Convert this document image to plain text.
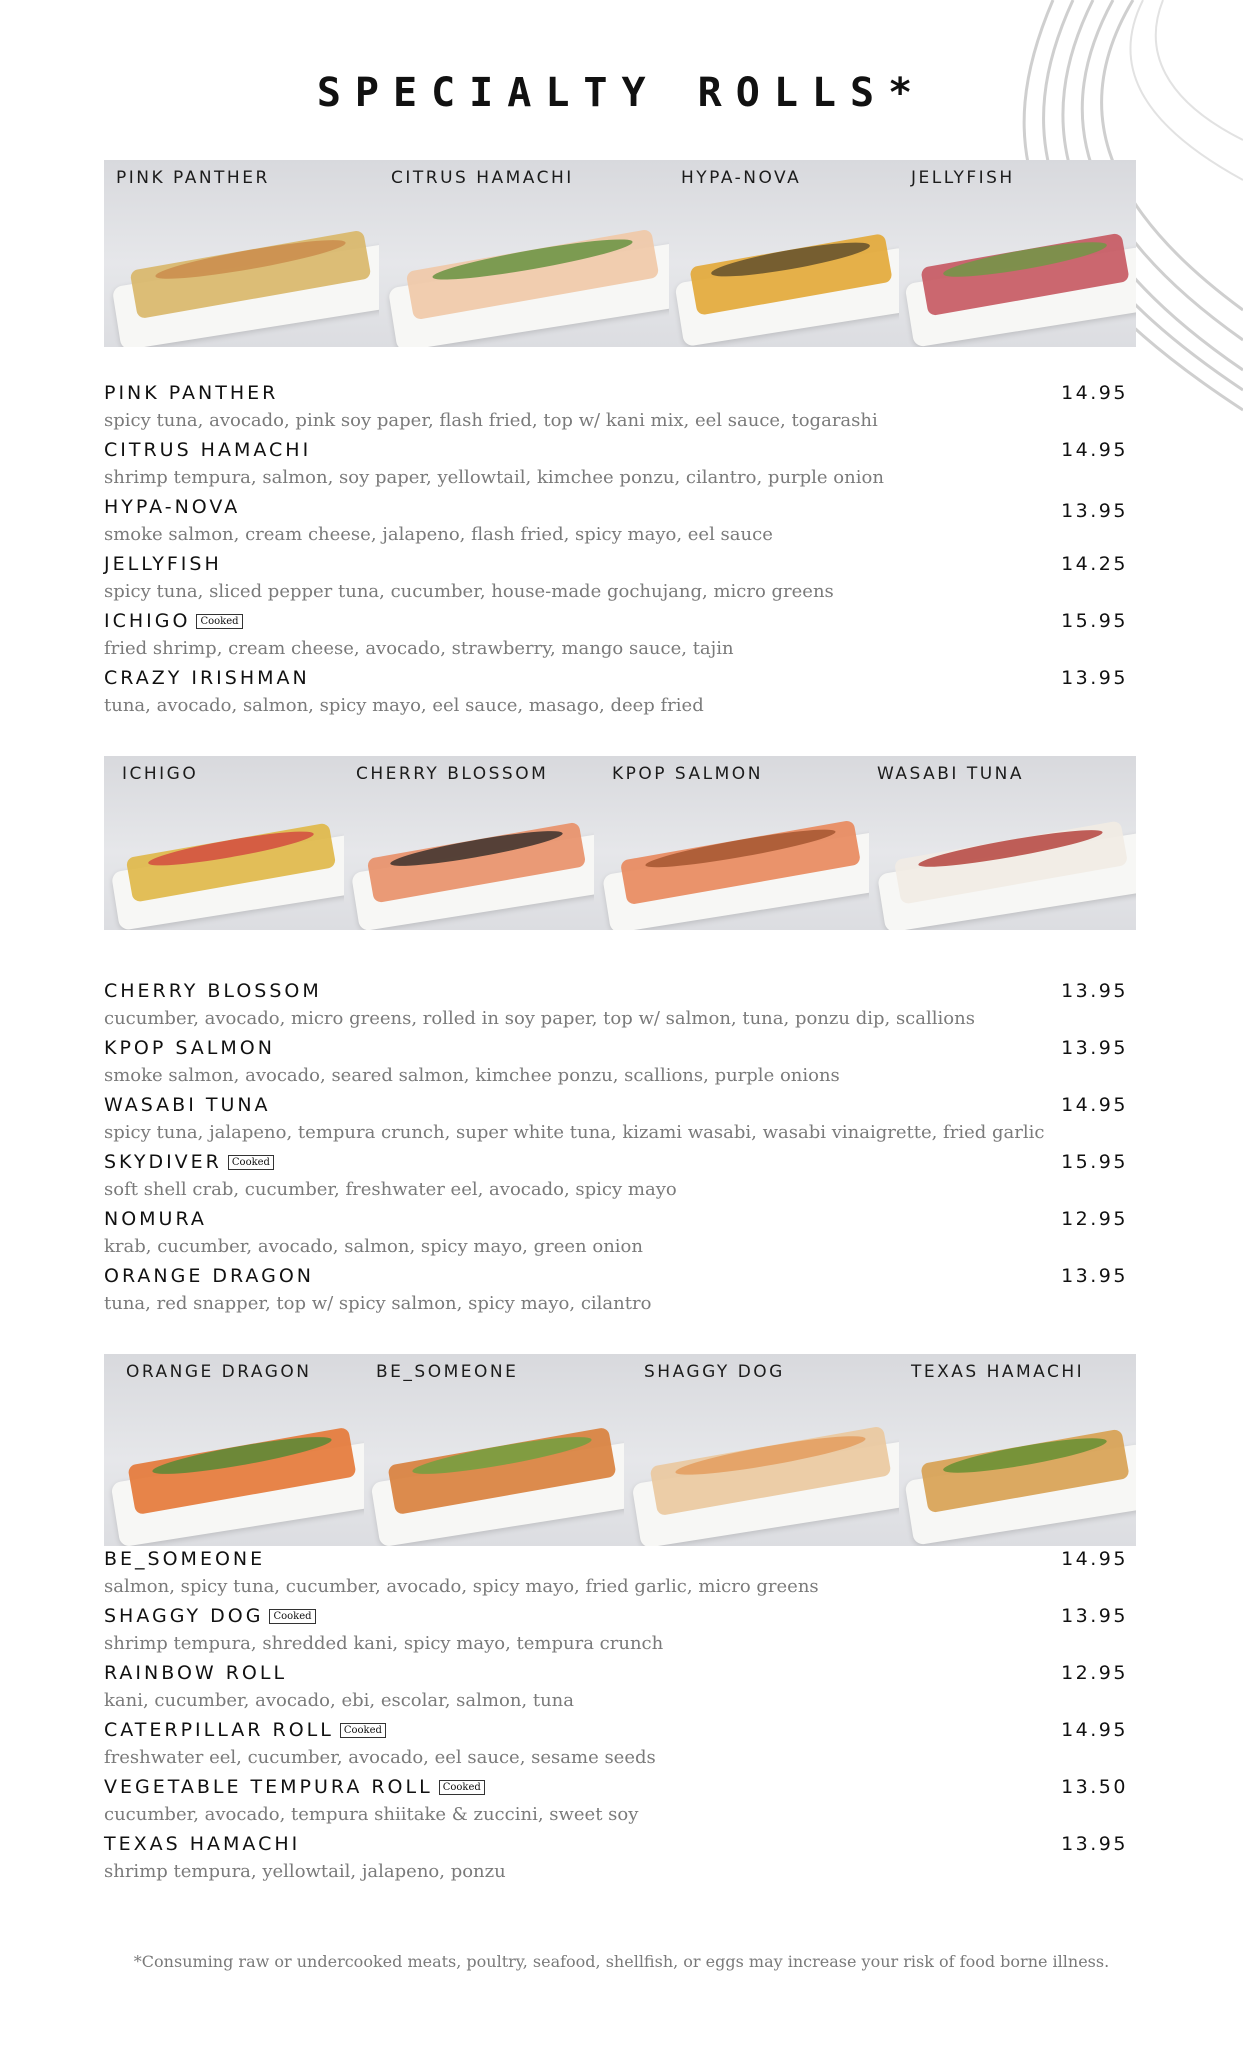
SPECIALTY ROLLS*
PINK PANTHER	CITRUS HAMACHI	HYPA-NOVA	JELLYFISH
PINK PANTHER	14.95
spicy tuna, avocado, pink soy paper, flash fried, top w/ kani mix, eel sauce, togarashi
CITRUS HAMACHI	14.95
shrimp tempura, salmon, soy paper, yellowtail, kimchee ponzu, cilantro, purple onion
HYPA-NOVA	13.95
smoke salmon, cream cheese, jalapeno, flash fried, spicy mayo, eel sauce
JELLYFISH	14.25
spicy tuna, sliced pepper tuna, cucumber, house-made gochujang, micro greens
ICHIGO Cooked	15.95
fried shrimp, cream cheese, avocado, strawberry, mango sauce, tajin
CRAZY IRISHMAN	13.95
tuna, avocado, salmon, spicy mayo, eel sauce, masago, deep fried
ICHIGO	CHERRY BLOSSOM	KPOP SALMON	WASABI TUNA
CHERRY BLOSSOM	13.95
cucumber, avocado, micro greens, rolled in soy paper, top w/ salmon, tuna, ponzu dip, scallions
KPOP SALMON	13.95
smoke salmon, avocado, seared salmon, kimchee ponzu, scallions, purple onions
WASABI TUNA	14.95
spicy tuna, jalapeno, tempura crunch, super white tuna, kizami wasabi, wasabi vinaigrette, fried garlic
SKYDIVER Cooked	15.95
soft shell crab, cucumber, freshwater eel, avocado, spicy mayo
NOMURA	12.95
krab, cucumber, avocado, salmon, spicy mayo, green onion
ORANGE DRAGON	13.95
tuna, red snapper, top w/ spicy salmon, spicy mayo, cilantro
ORANGE DRAGON	BE_SOMEONE	SHAGGY DOG	TEXAS HAMACHI
BE_SOMEONE	14.95
salmon, spicy tuna, cucumber, avocado, spicy mayo, fried garlic, micro greens
SHAGGY DOG Cooked	13.95
shrimp tempura, shredded kani, spicy mayo, tempura crunch
RAINBOW ROLL	12.95
kani, cucumber, avocado, ebi, escolar, salmon, tuna
CATERPILLAR ROLL Cooked	14.95
freshwater eel, cucumber, avocado, eel sauce, sesame seeds
VEGETABLE TEMPURA ROLL Cooked	13.50
cucumber, avocado, tempura shiitake & zuccini, sweet soy
TEXAS HAMACHI	13.95
shrimp tempura, yellowtail, jalapeno, ponzu
*Consuming raw or undercooked meats, poultry, seafood, shellfish, or eggs may increase your risk of food borne illness.
